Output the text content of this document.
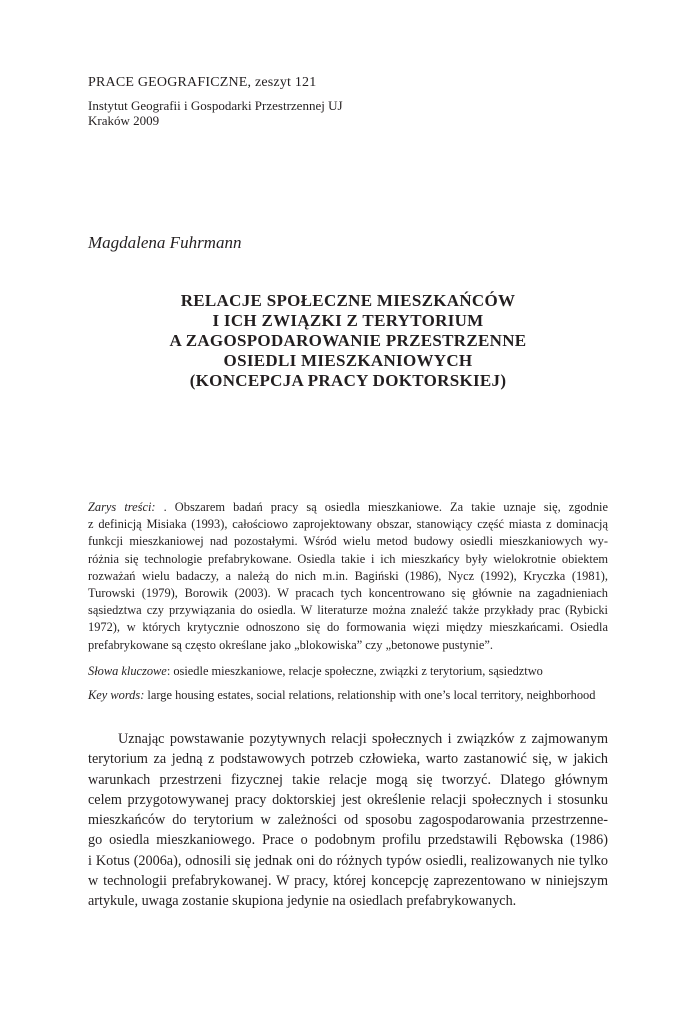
PRACE GEOGRAFICZNE, zeszyt 121

Instytut Geografii i Gospodarki Przestrzennej UJ

Kraków 2009

Magdalena Fuhrmann

RELACJE SPOŁECZNE MIESZKAŃCÓW
I ICH ZWIĄZKI Z TERYTORIUM
A ZAGOSPODAROWANIE PRZESTRZENNE
OSIEDLI MIESZKANIOWYCH
(KONCEPCJA PRACY DOKTORSKIEJ)
Zarys treści: . Obszarem badań pracy są osiedla mieszkaniowe. Za takie uznaje się, zgodnie
z definicją Misiaka (1993), całościowo zaprojektowany obszar, stanowiący część miasta z dominacją
funkcji mieszkaniowej nad pozostałymi. Wśród wielu metod budowy osiedli mieszkaniowych wy-
różnia się technologie prefabrykowane. Osiedla takie i ich mieszkańcy były wielokrotnie obiektem
rozważań wielu badaczy, a należą do nich m.in. Bagiński (1986), Nycz (1992), Kryczka (1981),
Turowski (1979), Borowik (2003). W pracach tych koncentrowano się głównie na zagadnieniach
sąsiedztwa czy przywiązania do osiedla. W literaturze można znaleźć także przykłady prac (Rybicki
1972), w których krytycznie odnoszono się do formowania więzi między mieszkańcami. Osiedla
prefabrykowane są często określane jako „blokowiska” czy „betonowe pustynie”.
Słowa kluczowe: osiedle mieszkaniowe, relacje społeczne, związki z terytorium, sąsiedztwo
Key words: large housing estates, social relations, relationship with one’s local territory, neighborhood
Uznając powstawanie pozytywnych relacji społecznych i związków z zajmowanym
terytorium za jedną z podstawowych potrzeb człowieka, warto zastanowić się, w jakich
warunkach przestrzeni fizycznej takie relacje mogą się tworzyć. Dlatego głównym
celem przygotowywanej pracy doktorskiej jest określenie relacji społecznych i stosunku
mieszkańców do terytorium w zależności od sposobu zagospodarowania przestrzenne-
go osiedla mieszkaniowego. Prace o podobnym profilu przedstawili Rębowska (1986)
i Kotus (2006a), odnosili się jednak oni do różnych typów osiedli, realizowanych nie tylko
w technologii prefabrykowanej. W pracy, której koncepcję zaprezentowano w niniejszym
artykule, uwaga zostanie skupiona jedynie na osiedlach prefabrykowanych.
